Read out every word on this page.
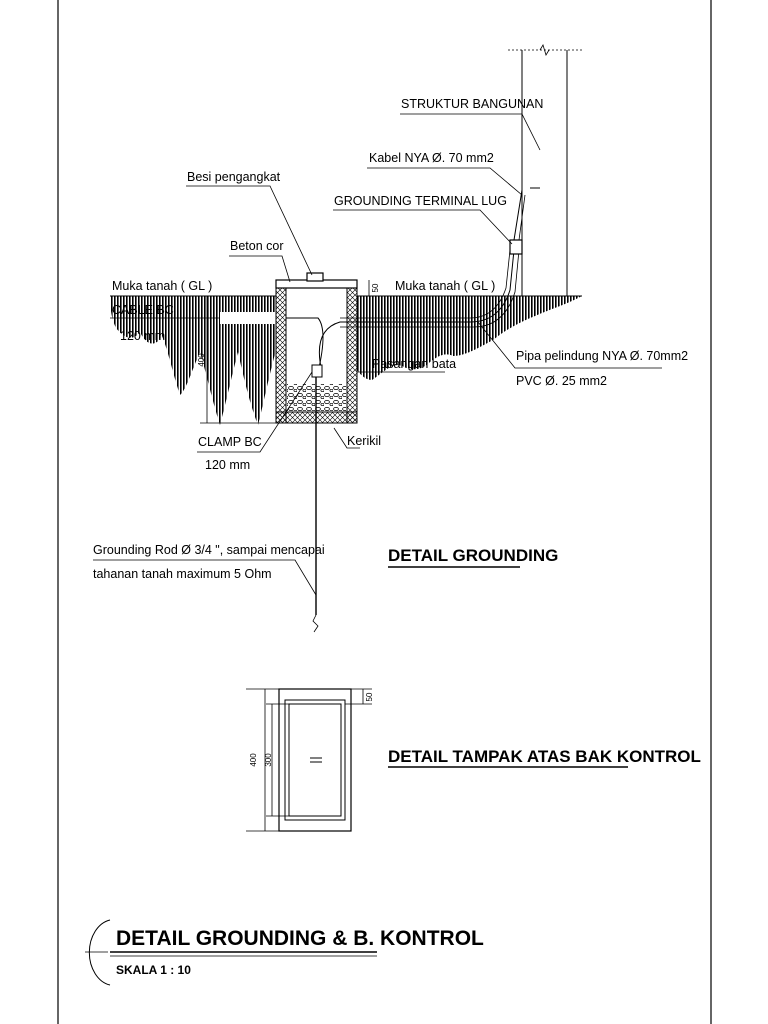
400
50
STRUKTUR BANGUNAN
Kabel NYA Ø. 70 mm2
Besi pengangkat
GROUNDING TERMINAL LUG
Beton cor
Muka tanah ( GL )	Muka tanah ( GL )
CABLE BC
120 mm
Pasangan bata
Pipa pelindung NYA Ø. 70mm2
PVC Ø. 25 mm2
CLAMP BC
120 mm
Kerikil
Grounding Rod Ø 3/4 ", sampai mencapai
tahanan tanah maximum 5 Ohm
DETAIL GROUNDING
400 300
50
DETAIL TAMPAK ATAS BAK KONTROL
DETAIL GROUNDING & B. KONTROL
SKALA 1 : 10
